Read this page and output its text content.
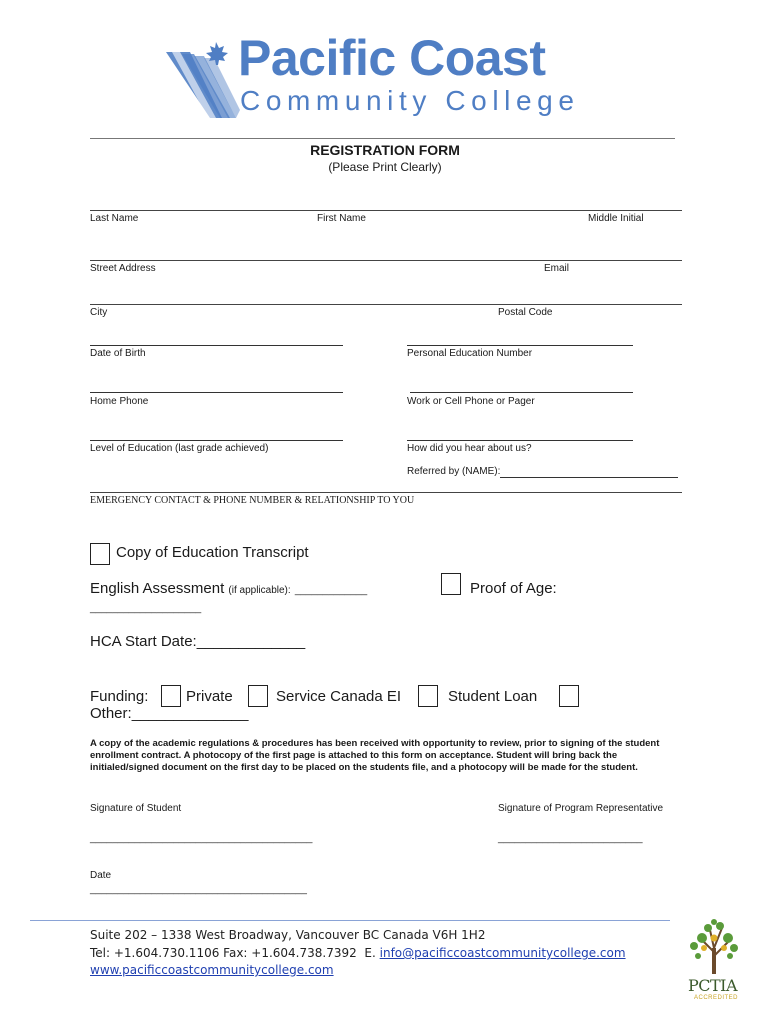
Pacific Coast
Community College
REGISTRATION FORM
(Please Print Clearly)
Last Name	First Name	Middle Initial
Street Address	Email
City	Postal Code
Date of Birth	Personal Education Number
Home Phone	Work or Cell Phone or Pager
Level of Education (last grade achieved)	How did you hear about us?
Referred by (NAME):
EMERGENCY CONTACT & PHONE NUMBER & RELATIONSHIP TO YOU
Copy of Education Transcript
English Assessment (if applicable): _____________
____________________
Proof of Age:
HCA Start Date:_____________
Funding:	Private	Service Canada EI	Student Loan
Other:______________
A copy of the academic regulations & procedures has been received with opportunity to review, prior to signing of the student enrollment contract. A photocopy of the first page is attached to this form on acceptance. Student will bring back the initialed/signed document on the first day to be placed on the students file, and a photocopy will be made for the student.
Signature of Student	Signature of Program Representative
________________________________________	__________________________
Date
_______________________________________
Suite 202 – 1338 West Broadway, Vancouver BC Canada V6H 1H2
Tel: +1.604.730.1106 Fax: +1.604.738.7392 E. info@pacificcoastcommunitycollege.com
www.pacificcoastcommunitycollege.com
PCTIA
ACCREDITED
